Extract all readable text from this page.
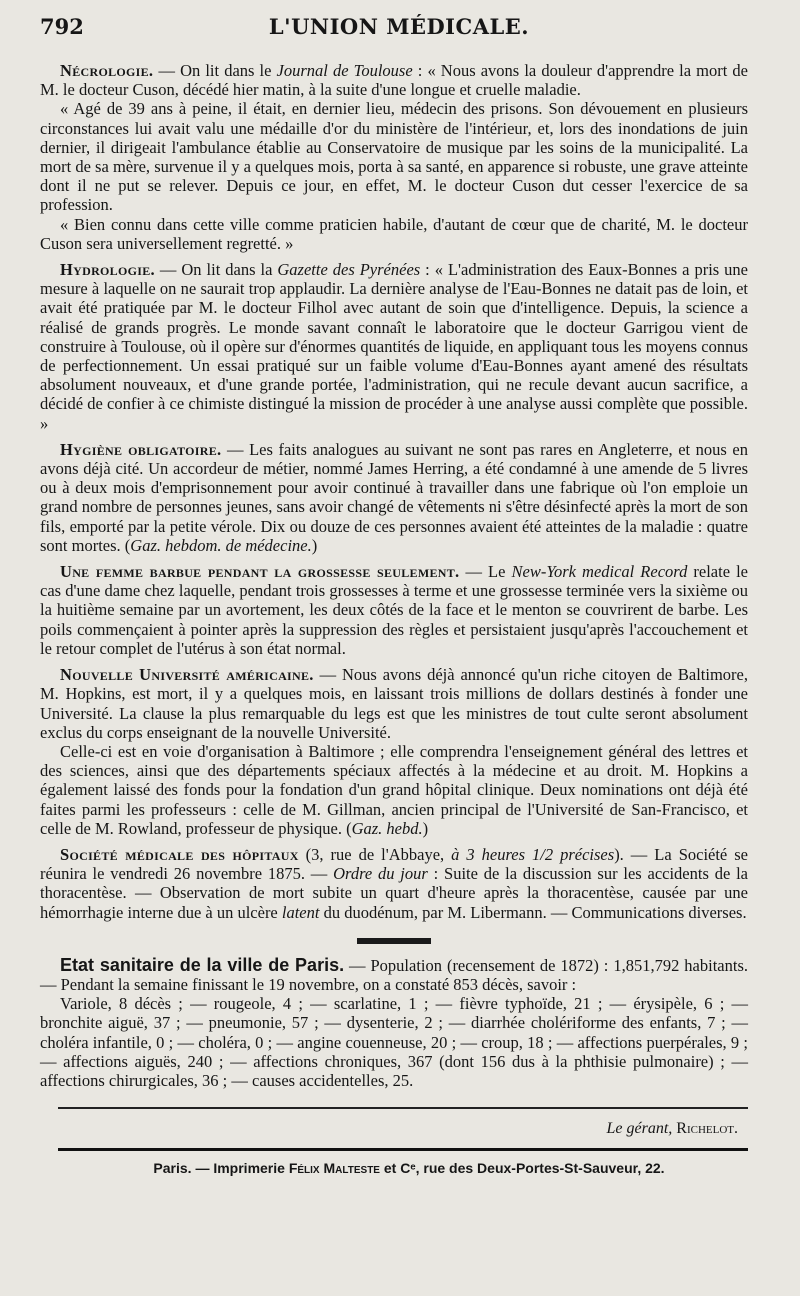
792	L'UNION MÉDICALE.

Nécrologie. — On lit dans le Journal de Toulouse : « Nous avons la douleur d'apprendre la mort de M. le docteur Cuson, décédé hier matin, à la suite d'une longue et cruelle maladie.

« Agé de 39 ans à peine, il était, en dernier lieu, médecin des prisons. Son dévouement en plusieurs circonstances lui avait valu une médaille d'or du ministère de l'intérieur, et, lors des inondations de juin dernier, il dirigeait l'ambulance établie au Conservatoire de musique par les soins de la municipalité. La mort de sa mère, survenue il y a quelques mois, porta à sa santé, en apparence si robuste, une grave atteinte dont il ne put se relever. Depuis ce jour, en effet, M. le docteur Cuson dut cesser l'exercice de sa profession.

« Bien connu dans cette ville comme praticien habile, d'autant de cœur que de charité, M. le docteur Cuson sera universellement regretté. »

Hydrologie. — On lit dans la Gazette des Pyrénées : « L'administration des Eaux-Bonnes a pris une mesure à laquelle on ne saurait trop applaudir. La dernière analyse de l'Eau-Bonnes ne datait pas de loin, et avait été pratiquée par M. le docteur Filhol avec autant de soin que d'intelligence. Depuis, la science a réalisé de grands progrès. Le monde savant connaît le laboratoire que le docteur Garrigou vient de construire à Toulouse, où il opère sur d'énormes quantités de liquide, en appliquant tous les moyens connus de perfectionnement. Un essai pratiqué sur un faible volume d'Eau-Bonnes ayant amené des résultats absolument nouveaux, et d'une grande portée, l'administration, qui ne recule devant aucun sacrifice, a décidé de confier à ce chimiste distingué la mission de procéder à une analyse aussi complète que possible. »

Hygiène obligatoire. — Les faits analogues au suivant ne sont pas rares en Angleterre, et nous en avons déjà cité. Un accordeur de métier, nommé James Herring, a été condamné à une amende de 5 livres ou à deux mois d'emprisonnement pour avoir continué à travailler dans une fabrique où l'on emploie un grand nombre de personnes jeunes, sans avoir changé de vêtements ni s'être désinfecté après la mort de son fils, emporté par la petite vérole. Dix ou douze de ces personnes avaient été atteintes de la maladie : quatre sont mortes. (Gaz. hebdom. de médecine.)

Une femme barbue pendant la grossesse seulement. — Le New-York medical Record relate le cas d'une dame chez laquelle, pendant trois grossesses à terme et une grossesse terminée vers la sixième ou la huitième semaine par un avortement, les deux côtés de la face et le menton se couvrirent de barbe. Les poils commençaient à pointer après la suppression des règles et persistaient jusqu'après l'accouchement et le retour complet de l'utérus à son état normal.

Nouvelle Université américaine. — Nous avons déjà annoncé qu'un riche citoyen de Baltimore, M. Hopkins, est mort, il y a quelques mois, en laissant trois millions de dollars destinés à fonder une Université. La clause la plus remarquable du legs est que les ministres de tout culte seront absolument exclus du corps enseignant de la nouvelle Université.

Celle-ci est en voie d'organisation à Baltimore ; elle comprendra l'enseignement général des lettres et des sciences, ainsi que des départements spéciaux affectés à la médecine et au droit. M. Hopkins a également laissé des fonds pour la fondation d'un grand hôpital clinique. Deux nominations ont déjà été faites parmi les professeurs : celle de M. Gillman, ancien principal de l'Université de San-Francisco, et celle de M. Rowland, professeur de physique. (Gaz. hebd.)

Société médicale des hôpitaux (3, rue de l'Abbaye, à 3 heures 1/2 précises). — La Société se réunira le vendredi 26 novembre 1875. — Ordre du jour : Suite de la discussion sur les accidents de la thoracentèse. — Observation de mort subite un quart d'heure après la thoracentèse, causée par une hémorrhagie interne due à un ulcère latent du duodénum, par M. Libermann. — Communications diverses.

Etat sanitaire de la ville de Paris. — Population (recensement de 1872) : 1,851,792 habitants. — Pendant la semaine finissant le 19 novembre, on a constaté 853 décès, savoir :

Variole, 8 décès ; — rougeole, 4 ; — scarlatine, 1 ; — fièvre typhoïde, 21 ; — érysipèle, 6 ; — bronchite aiguë, 37 ; — pneumonie, 57 ; — dysenterie, 2 ; — diarrhée cholériforme des enfants, 7 ; — choléra infantile, 0 ; — choléra, 0 ; — angine couenneuse, 20 ; — croup, 18 ; — affections puerpérales, 9 ; — affections aiguës, 240 ; — affections chroniques, 367 (dont 156 dus à la phthisie pulmonaire) ; — affections chirurgicales, 36 ; — causes accidentelles, 25.

Le gérant, Richelot.
Paris. — Imprimerie Félix Malteste et Cᵉ, rue des Deux-Portes-St-Sauveur, 22.
